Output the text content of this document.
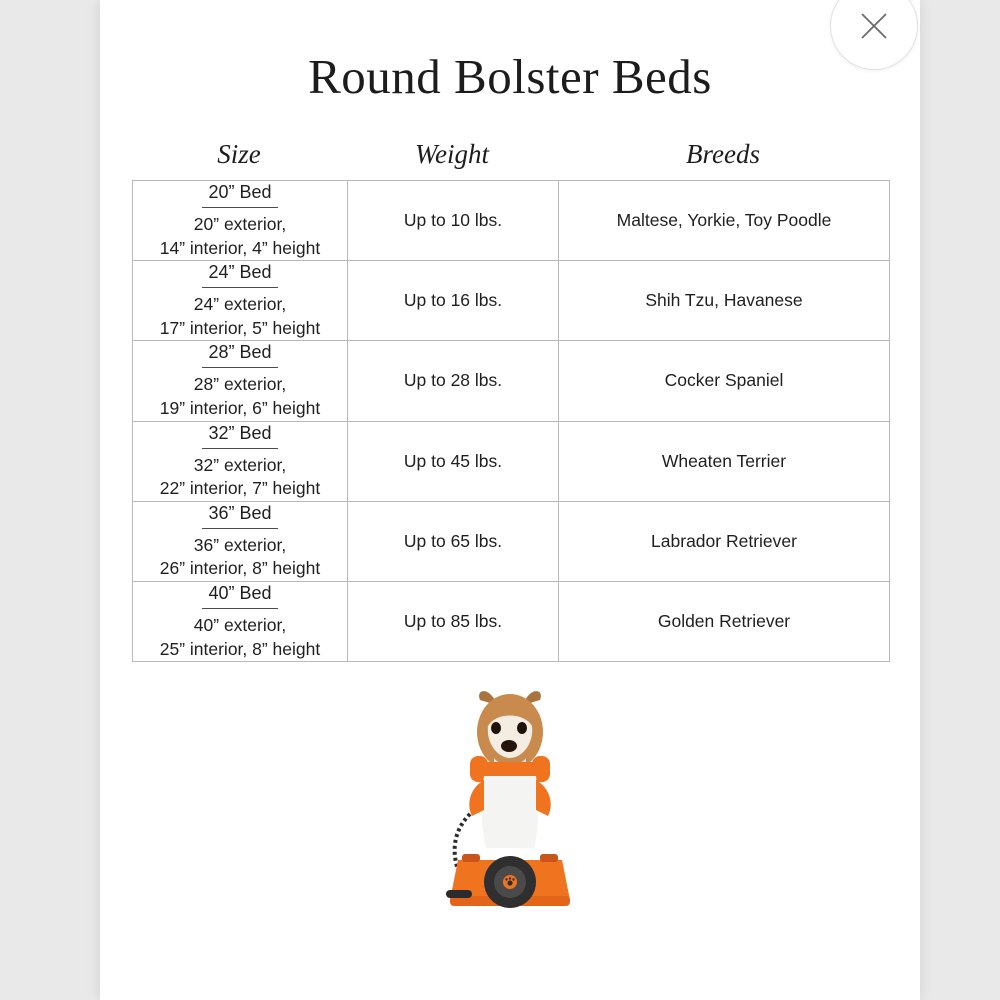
Round Bolster Beds
Size	Weight	Breeds
20” Bed
20” exterior,
14” interior, 4” height	Up to 10 lbs.	Maltese, Yorkie, Toy Poodle
24” Bed
24” exterior,
17” interior, 5” height	Up to 16 lbs.	Shih Tzu, Havanese
28” Bed
28” exterior,
19” interior, 6” height	Up to 28 lbs.	Cocker Spaniel
32” Bed
32” exterior,
22” interior, 7” height	Up to 45 lbs.	Wheaten Terrier
36” Bed
36” exterior,
26” interior, 8” height	Up to 65 lbs.	Labrador Retriever
40” Bed
40” exterior,
25” interior, 8” height	Up to 85 lbs.	Golden Retriever
